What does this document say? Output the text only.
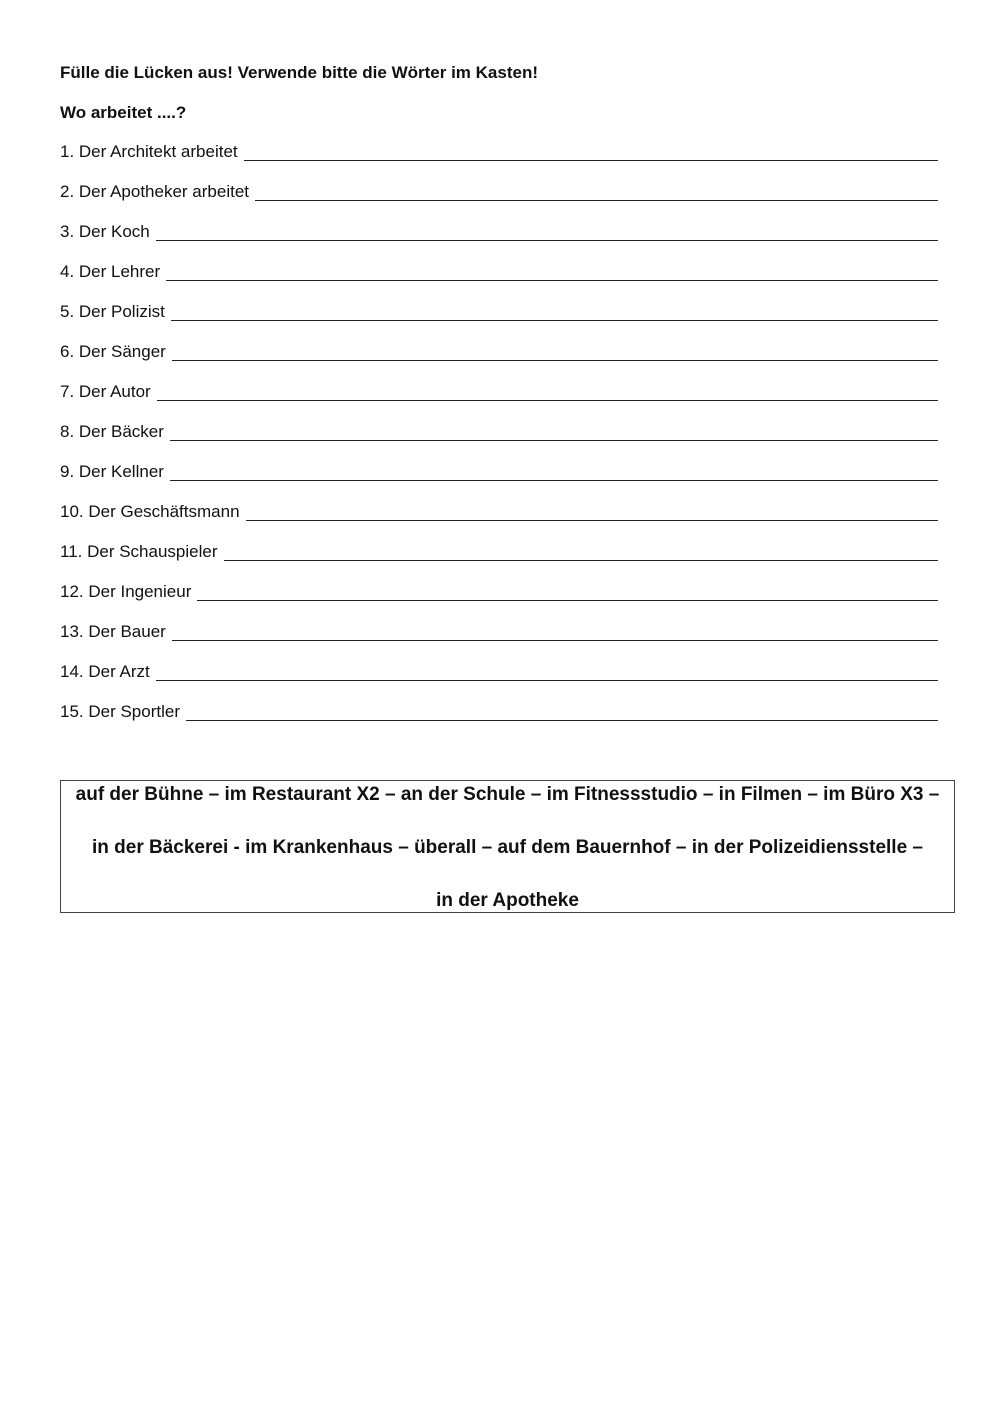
Fülle die Lücken aus! Verwende bitte die Wörter im Kasten!
Wo arbeitet ....?
1. Der Architekt arbeitet
2. Der Apotheker arbeitet
3. Der Koch
4. Der Lehrer
5. Der Polizist
6. Der Sänger
7. Der Autor
8. Der Bäcker
9. Der Kellner
10. Der Geschäftsmann
11. Der Schauspieler
12. Der Ingenieur
13. Der Bauer
14. Der Arzt
15. Der Sportler
auf der Bühne – im Restaurant X2 – an der Schule – im Fitnessstudio – in Filmen – im Büro X3 –
in der Bäckerei - im Krankenhaus – überall – auf dem Bauernhof – in der Polizeidiensstelle –
in der Apotheke
